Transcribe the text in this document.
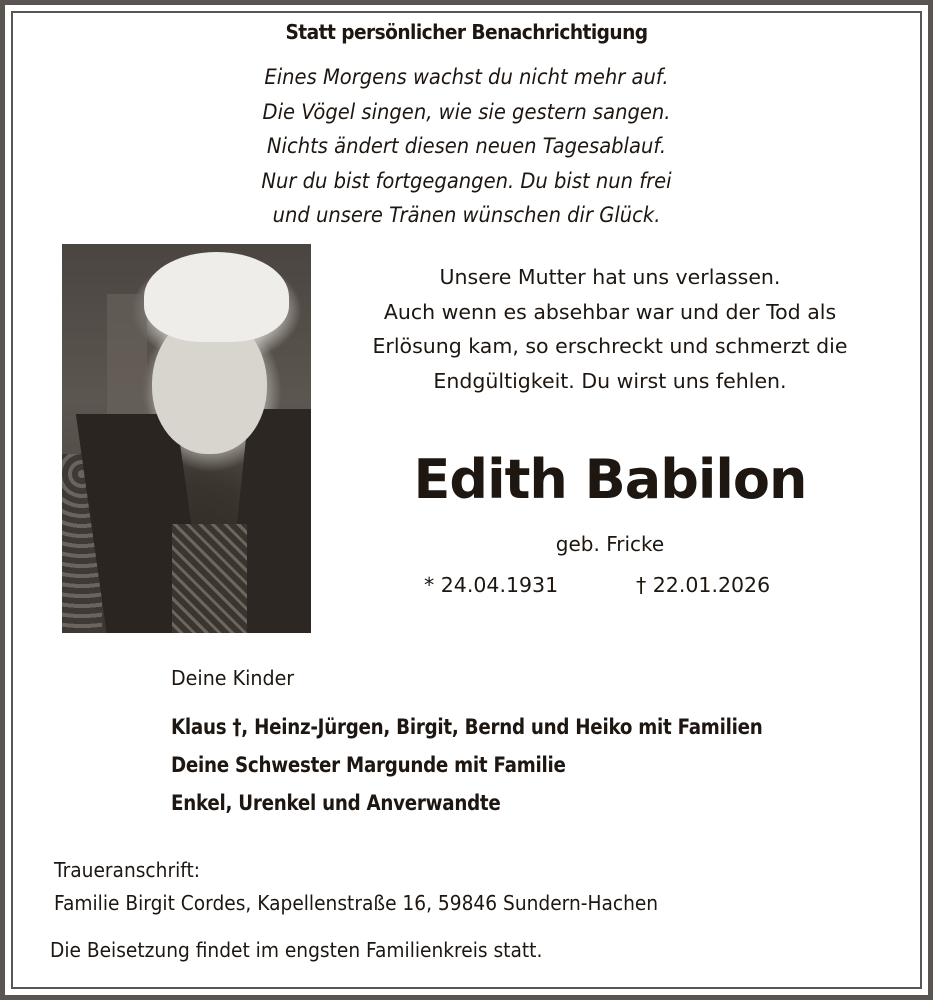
Statt persönlicher Benachrichtigung
Eines Morgens wachst du nicht mehr auf.
Die Vögel singen, wie sie gestern sangen.
Nichts ändert diesen neuen Tagesablauf.
Nur du bist fortgegangen. Du bist nun frei
und unsere Tränen wünschen dir Glück.
Unsere Mutter hat uns verlassen.
Auch wenn es absehbar war und der Tod als
Erlösung kam, so erschreckt und schmerzt die
Endgültigkeit. Du wirst uns fehlen.
Edith Babilon
geb. Fricke
* 24.04.1931	† 22.01.2026
Deine Kinder
Klaus †, Heinz-Jürgen, Birgit, Bernd und Heiko mit Familien
Deine Schwester Margunde mit Familie
Enkel, Urenkel und Anverwandte
Traueranschrift:
Familie Birgit Cordes, Kapellenstraße 16, 59846 Sundern-Hachen
Die Beisetzung findet im engsten Familienkreis statt.
